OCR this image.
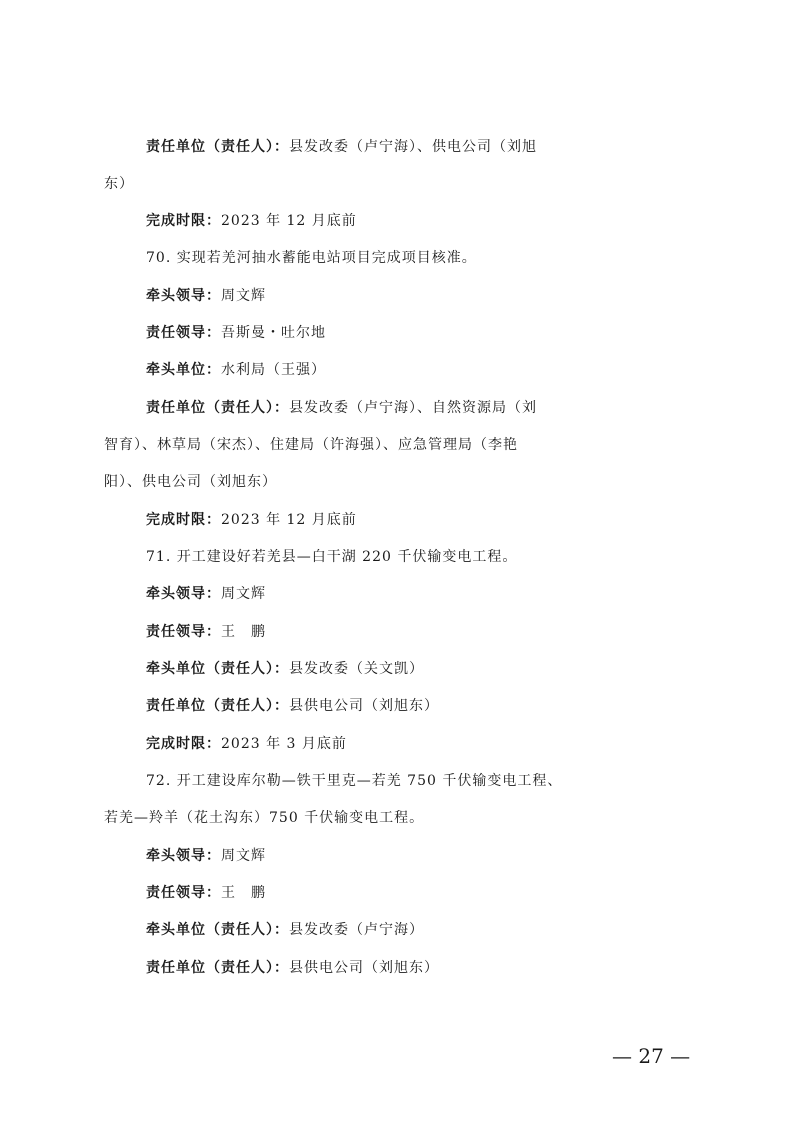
责任单位（责任人）：县发改委（卢宁海）、供电公司（刘旭
东）
完成时限：2023 年 12 月底前
70. 实现若羌河抽水蓄能电站项目完成项目核准。
牵头领导：周文辉
责任领导：吾斯曼・吐尔地
牵头单位：水利局（王强）
责任单位（责任人）：县发改委（卢宁海）、自然资源局（刘
智育）、林草局（宋杰）、住建局（许海强）、应急管理局（李艳
阳）、供电公司（刘旭东）
完成时限：2023 年 12 月底前
71. 开工建设好若羌县—白干湖 220 千伏输变电工程。
牵头领导：周文辉
责任领导：王　鹏
牵头单位（责任人）：县发改委（关文凯）
责任单位（责任人）：县供电公司（刘旭东）
完成时限：2023 年 3 月底前
72. 开工建设库尔勒—铁干里克—若羌 750 千伏输变电工程、
若羌—羚羊（花土沟东）750 千伏输变电工程。
牵头领导：周文辉
责任领导：王　鹏
牵头单位（责任人）：县发改委（卢宁海）
责任单位（责任人）：县供电公司（刘旭东）
— 27 —
